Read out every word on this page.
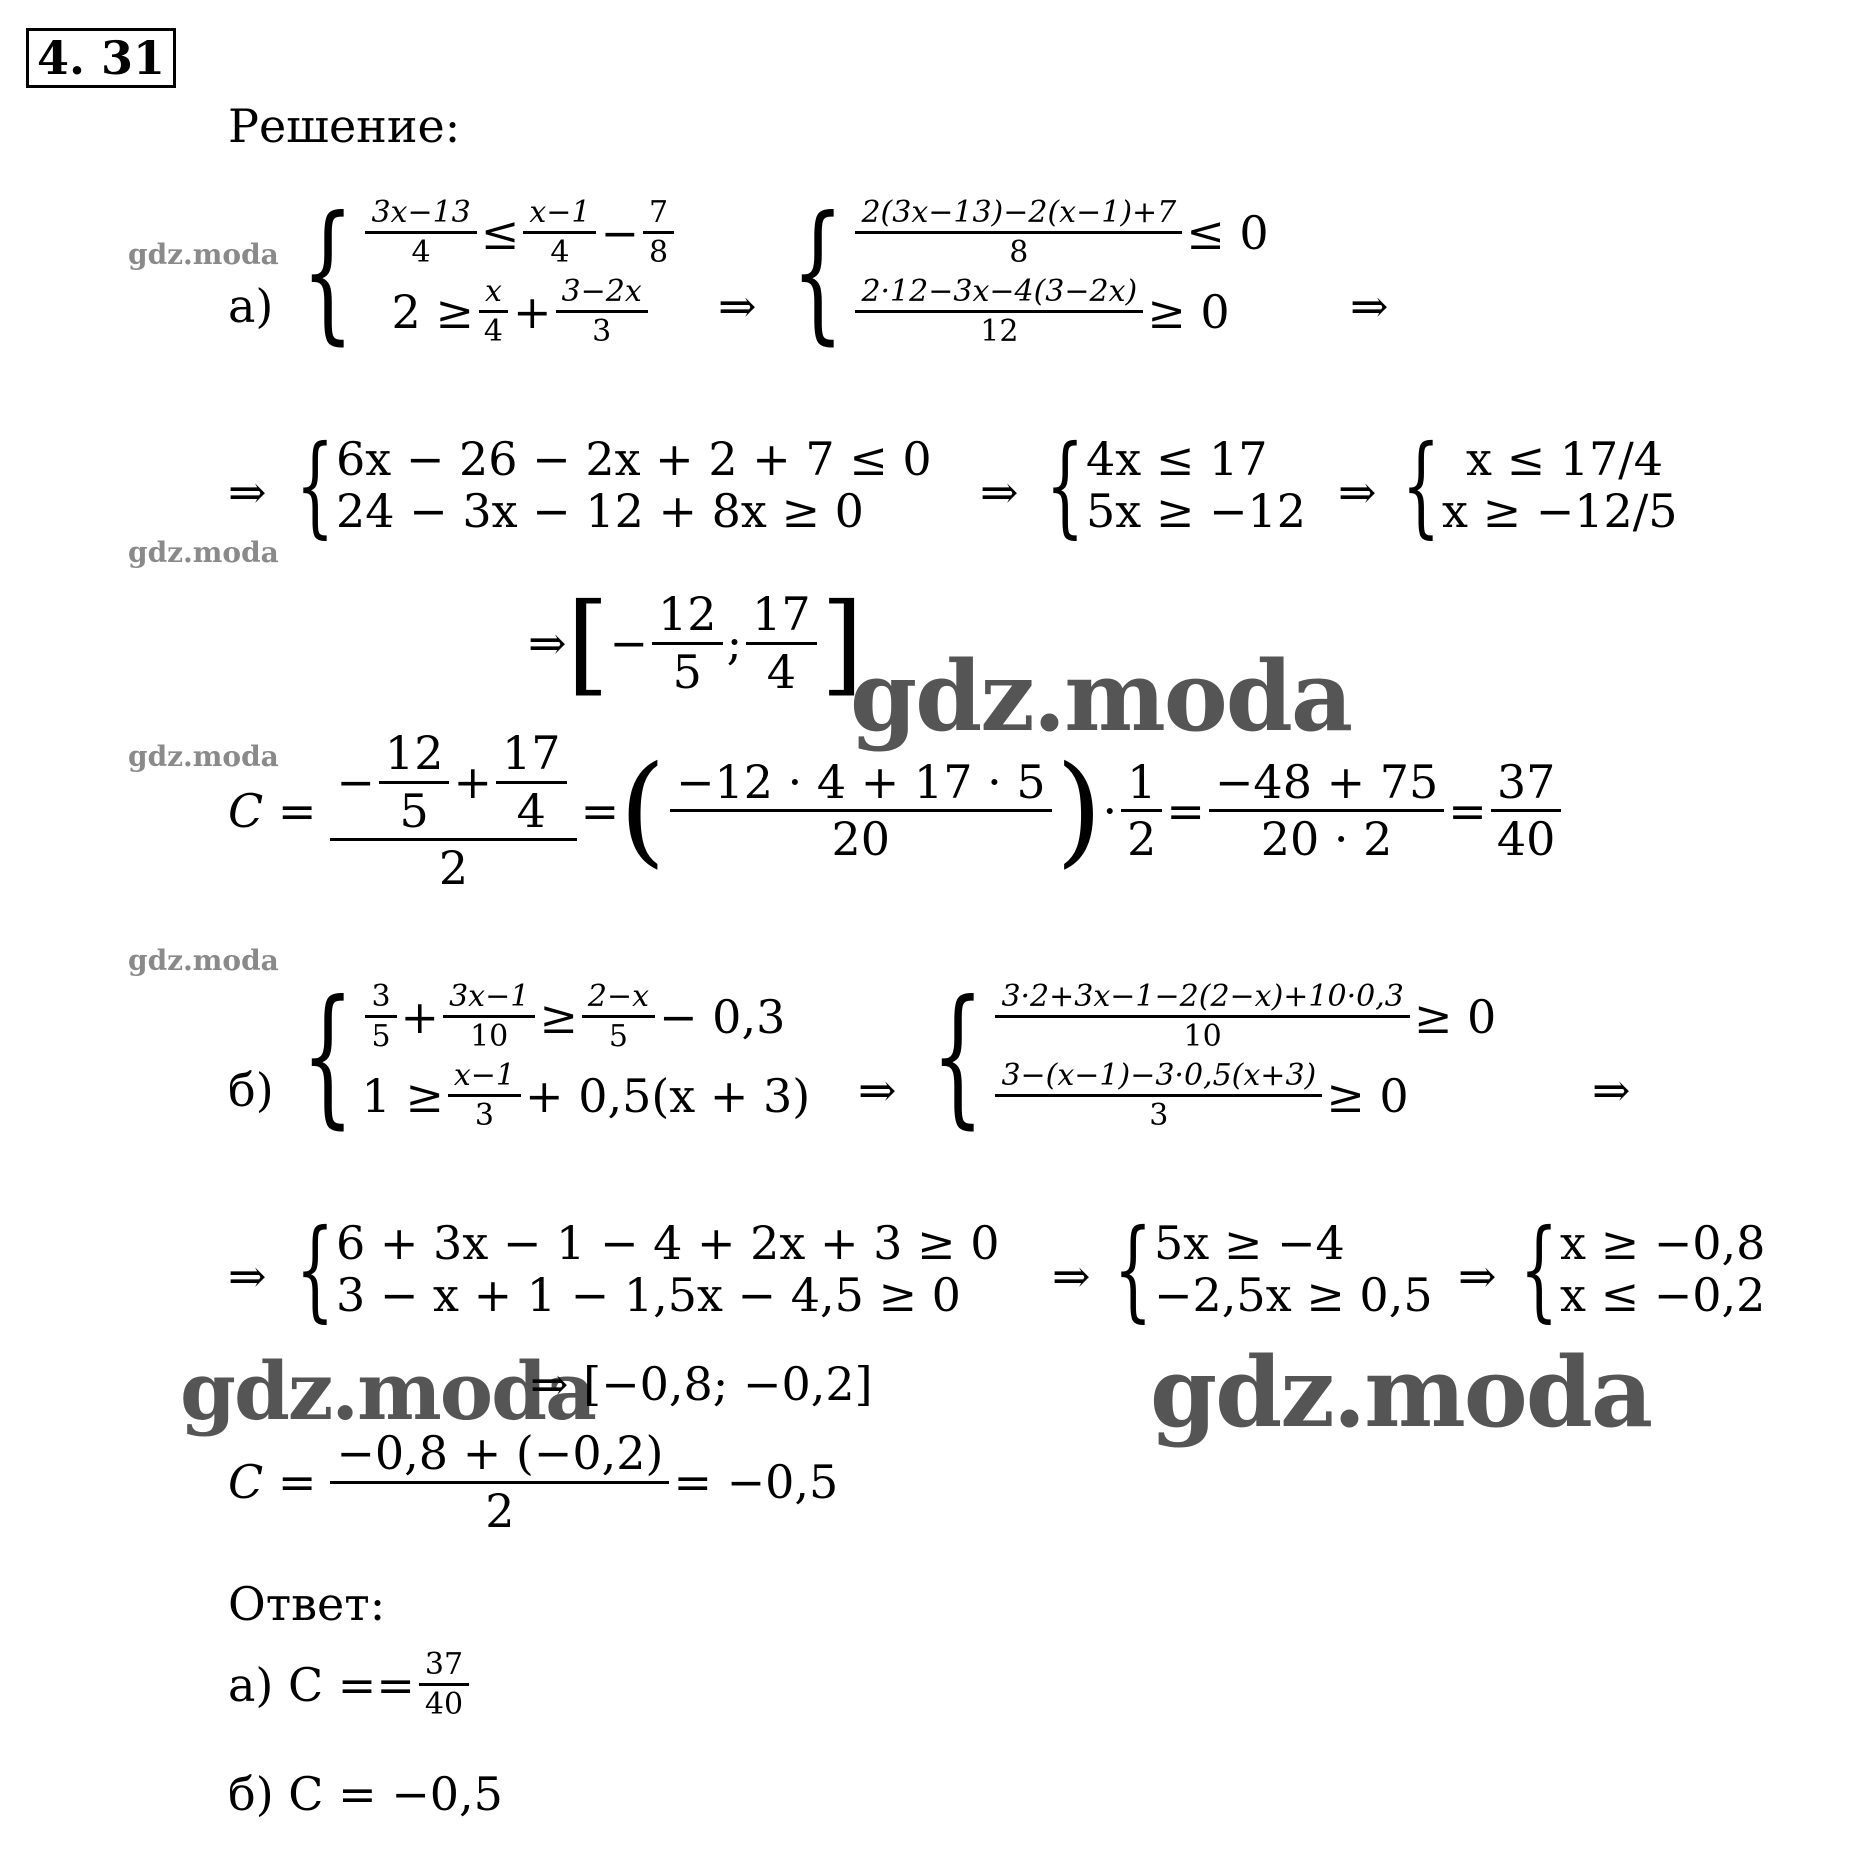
4. 31
Решение:
gdz.moda
gdz.moda
gdz.moda
gdz.moda
gdz.moda
gdz.moda	gdz.moda
а) { $\frac{3x-13}{4} \le \frac{x-1}{4} - \frac{7}{8}$
$2 \ge \frac{x}{4} + \frac{3-2x}{3}$ ⇒ { $\frac{2(3x-13)-2(x-1)+7}{8} \le 0$
$\frac{2\cdot 12-3x-4(3-2x)}{12} \ge 0$	⇒
⇒ { 6x − 26 − 2x + 2 + 7 ≤ 0
24 − 3x − 12 + 8x ≥ 0	⇒ { 4x ≤ 17
5x ≥ −12 ⇒ { x ≤ 17/4
x ≥ −12/5
⇒ [ − $\frac{12}{5}$ ; $\frac{17}{4}$ ]
$C = \frac{- \frac{12}{5} + \frac{17}{4}}{2}$ = ( $\frac{-12 \cdot 4 + 17 \cdot 5}{20}$ ) · $\frac{1}{2} = \frac{-48 + 75}{20 \cdot 2} = \frac{37}{40}$
б) { $\frac{3}{5} + \frac{3x-1}{10} \ge \frac{2-x}{5} - 0,3$
$1 \ge \frac{x-1}{3} + 0,5(x + 3)$ ⇒ { $\frac{3\cdot 2+3x-1-2(2-x)+10\cdot 0,3}{10} \ge 0$
$\frac{3-(x-1)-3\cdot 0,5(x+3)}{3} \ge 0$	⇒
⇒ { 6 + 3x − 1 − 4 + 2x + 3 ≥ 0
3 − x + 1 − 1,5x − 4,5 ≥ 0	⇒ { 5x ≥ −4
−2,5x ≥ 0,5 ⇒ { x ≥ −0,8
x ≤ −0,2
⇒ [−0,8; −0,2]
$C = \frac{-0,8 + (-0,2)}{2} = -0,5$
Ответ:
а) $C == \frac{37}{40}$
б) C = −0,5
